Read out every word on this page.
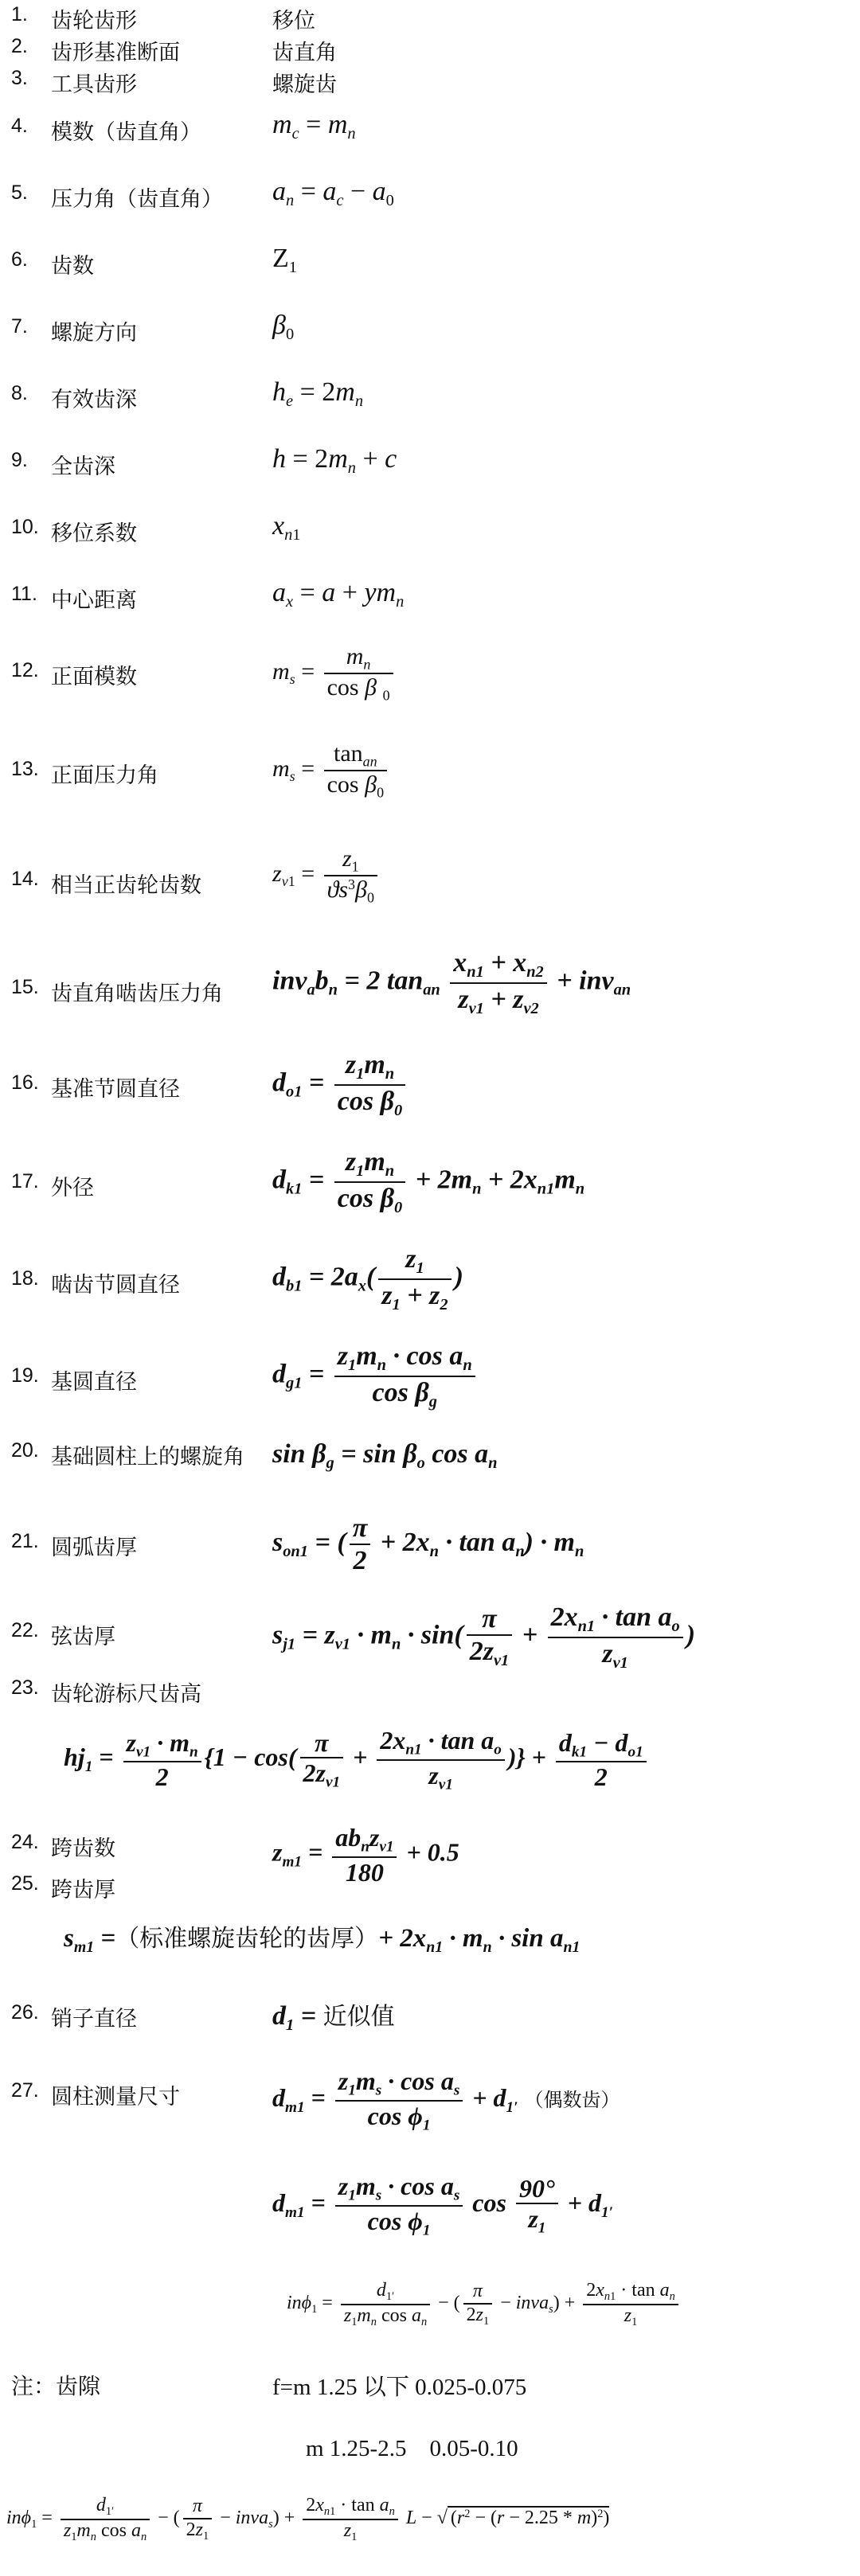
1. 齿轮齿形
2. 齿形基准断面
3. 工具齿形
4. 模数（齿直角）
5. 压力角（齿直角）
6. 齿数
7. 螺旋方向
8. 有效齿深
9. 全齿深
10. 移位系数
11. 中心距离
12. 正面模数
13. 正面压力角
14. 相当正齿轮齿数
15. 齿直角啮齿压力角
16. 基准节圆直径
17. 外径
18. 啮齿节圆直径
19. 基圆直径
20. 基础圆柱上的螺旋角
21. 圆弧齿厚
22. 弦齿厚
23. 齿轮游标尺齿高
24. 跨齿数
25. 跨齿厚
26. 销子直径
27. 圆柱测量尺寸
移位
齿直角
螺旋齿
$m_c = m_n$
$a_n = a_c - a_0$
$Z_1$
$\beta_0$
$h_e = 2m_n$
$h = 2m_n + c$
$x_{n1}$
$a_x = a + ym_n$
$m_s = \frac{m_n}{\cos \beta _0}$
$m_s = \frac{\tan_{an}}{\cos \beta_0}$
$z_{v1} = \frac{z_1}{ϑs^3\beta_0}$
$inv_ab_n = 2$ $\tan_{an} \frac{x_{n1} + x_{n2}}{z_{v1} + z_{v2}} + inv_{an}$
$d_{o1} = \frac{z_1m_n}{\cos \beta_0}$
$d_{k1} = \frac{z_1m_n}{\cos \beta_0} + 2m_n + 2x_{n1}m_n$
$d_{b1} = 2a_x( \frac{z_1}{z_1 + z_2}$ )
$d_{g1} = \frac{z_1m_n \cdot \cos a_n}{\cos \beta_g}$
$\sin \beta_g = \sin \beta_o$ $\cos a_n$
$s_{on1}$ = ( $\frac{\pi}{2} + 2x_n \cdot \tan a_n) \cdot m_n$
$s_{j1} = z_{v1} \cdot m_n \cdot \sin( \frac{\pi}{2z_{v1}} + \frac{2x_{n1} \cdot \tan a_o}{z_{v1}}$ )
$hj_1 = \frac{z_{v1} \cdot m_n}{2} \{1 - \cos( \frac{\pi}{2z_{v1}} + \frac{2x_{n1} \cdot \tan a_o}{z_{v1}}$ )} + $\frac{d_{k1} - d_{o1}}{2}$
$z_{m1} = \frac{ab_nz_{v1}}{180} + 0.5$
$s_{m1}$ =（标准螺旋齿轮的齿厚）+ $2x_{n1} \cdot m_n \cdot \sin a_{n1}$
$d_1$ = 近似值
$d_{m1} = \frac{z_1m_s \cdot \cos a_s}{\cos \phi_1} + d_{1'}$ （偶数齿）
$d_{m1} = \frac{z_1m_s \cdot \cos a_s}{\cos \phi_1}$ $\cos \frac{90^\circ}{z_1} + d_{1'}$
$in\phi_1 = \frac{d_{1'}}{z_1m_n \cos a_n}$ − ( $\frac{\pi}{2z_1}$ − inva$_s$) + $\frac{2x_{n1} \cdot \tan a_n}{z_1}$
注：齿隙	f=m 1.25 以下 0.025-0.075
m 1.25-2.5    0.05-0.10
$in\phi_1 = \frac{d_{1'}}{z_1m_n \cos a_n}$ − ( $\frac{\pi}{2z_1}$ − inva$_s$) + $\frac{2x_{n1} \cdot \tan a_n}{z_1}$ L − √ $(r^2 - (r - 2.25 * m)^2)$
